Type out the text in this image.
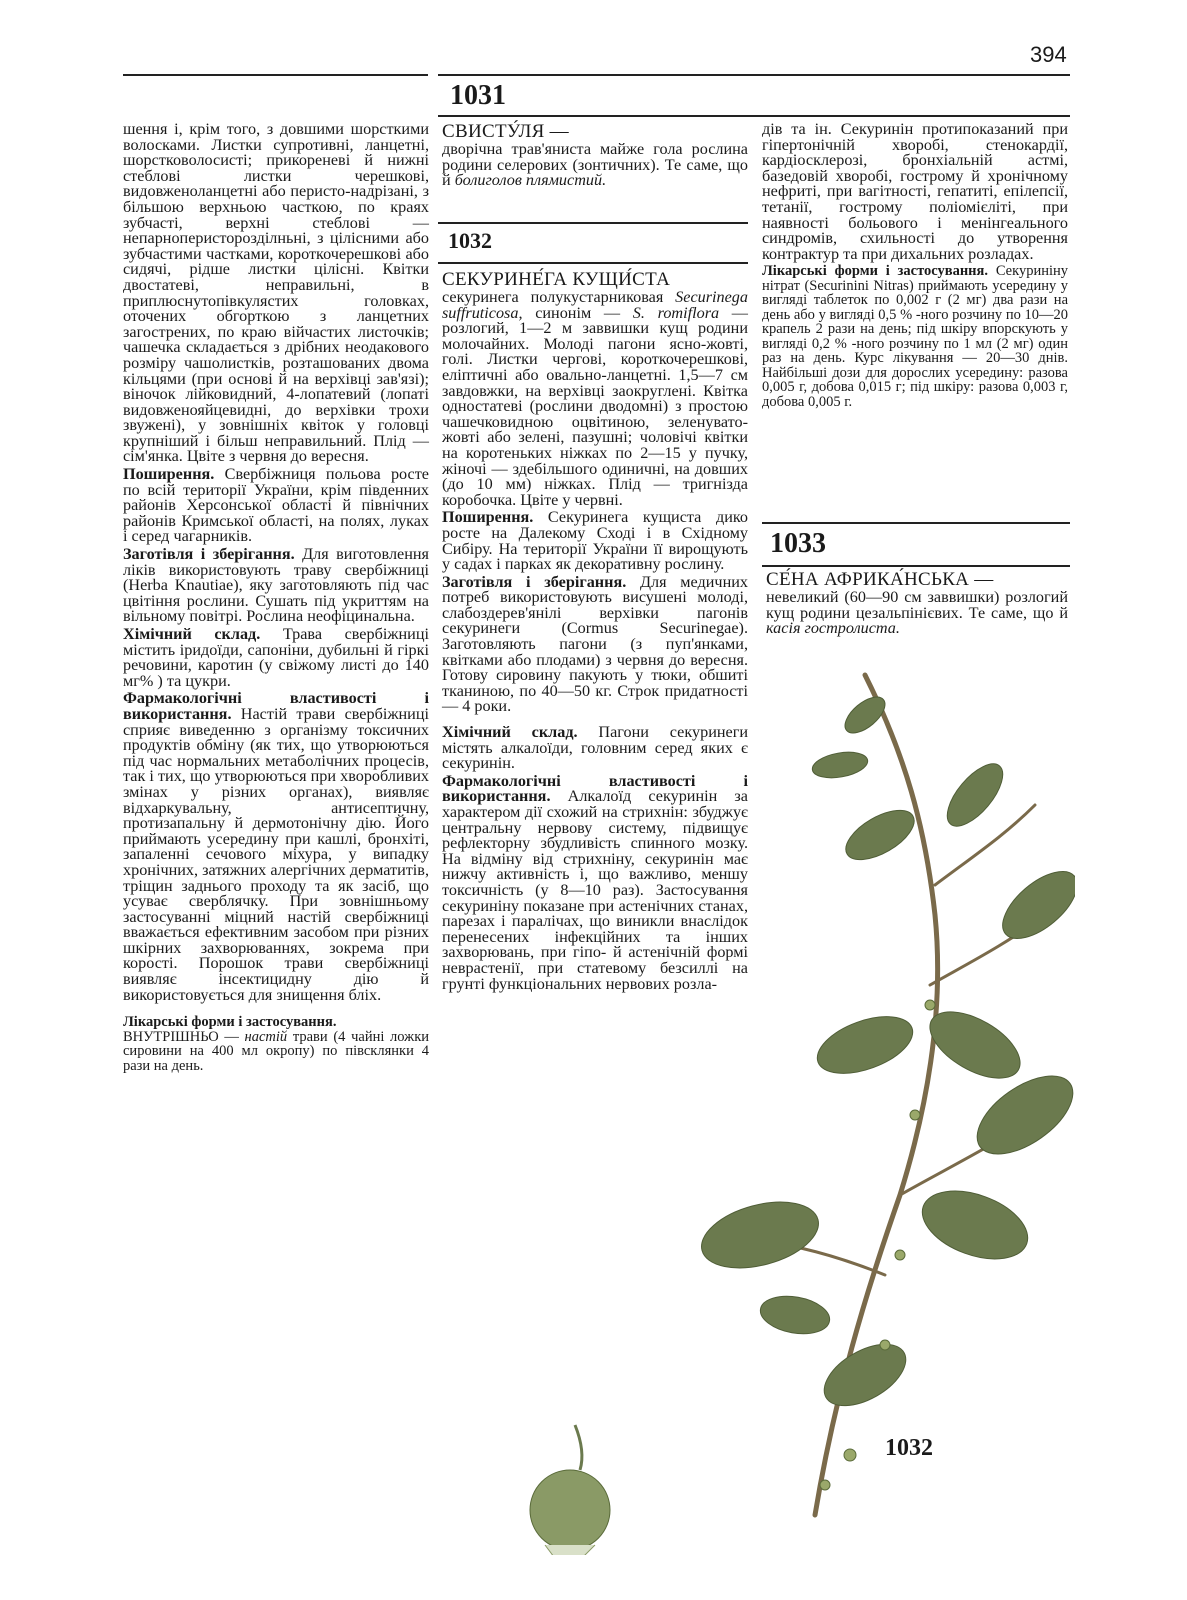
394
1031

шення і, крім того, з довшими шорсткими волосками. Листки супротивні, ланцетні, шорстковолосисті; прикореневі й нижні стеблові листки черешкові, видовженоланцетні або перисто-надрізані, з більшою верхньою часткою, по краях зубчасті, верхні стеблові — непарноперисторозділньні, з цілісними або зубчастими частками, короткочерешкові або сидячі, рідше листки цілісні. Квітки двостатеві, неправильні, в приплюснутопівкулястих головках, оточених обгорткою з ланцетних загострених, по краю війчастих листочків; чашечка складається з дрібних неодакового розміру чашолистків, розташованих двома кільцями (при основі й на верхівці зав'язі); віночок лійковидний, 4-лопатевий (лопаті видовженояйцевидні, до верхівки трохи звужені), у зовнішніх квіток у головці крупніший і більш неправильний. Плід — сім'янка. Цвіте з червня до вересня.

Поширення. Свербіжниця польова росте по всій території України, крім південних районів Херсонської області й північних районів Кримської області, на полях, луках і серед чагарників.

Заготівля і зберігання. Для виготовлення ліків використовують траву свербіжниці (Herba Knautiae), яку заготовляють під час цвітіння рослини. Сушать під укриттям на вільному повітрі. Рослина неофіцинальна.

Хімічний склад. Трава свербіжниці містить іридоїди, сапоніни, дубильні й гіркі речовини, каротин (у свіжому листі до 140 мг% ) та цукри.

Фармакологічні властивості і використання. Настій трави свербіжниці сприяє виведенню з організму токсичних продуктів обміну (як тих, що утворюються під час нормальних метаболічних процесів, так і тих, що утворюються при хворобливих змінах у різних органах), виявляє відхаркувальну, антисептичну, протизапальну й дермотонічну дію. Його приймають усередину при кашлі, бронхіті, запаленні сечового міхура, у випадку хронічних, затяжних алергічних дерматитів, тріщин заднього проходу та як засіб, що усуває сверблячку. При зовнішньому застосуванні міцний настій свербіжниці вважається ефективним засобом при різних шкірних захворюваннях, зокрема при корості. Порошок трави свербіжниці виявляє інсектицидну дію й використовується для знищення бліх.

Лікарські форми і застосування.
ВНУТРІШНЬО — настій трави (4 чайні ложки сировини на 400 мл окропу) по півсклянки 4 рази на день.

СВИСТУ́ЛЯ —

дворічна трав'яниста майже гола рослина родини селерових (зонтичних). Те саме, що й болиголов плямистий.

1032
СЕКУРИНЕ́ГА КУЩИ́СТА

секуринега полукустарниковая Securinega suffruticosa, синонім — S. romiflora — розлогий, 1—2 м заввишки кущ родини молочайних. Молоді пагони ясно-жовті, голі. Листки чергові, короткочерешкові, еліптичні або овально-ланцетні. 1,5—7 см завдовжки, на верхівці заокруглені. Квітка одностатеві (рослини дводомні) з простою чашечковидною оцвітиною, зеленувато-жовті або зелені, пазушні; чоловічі квітки на коротеньких ніжках по 2—15 у пучку, жіночі — здебільшого одиничні, на довших (до 10 мм) ніжках. Плід — тригнізда коробочка. Цвіте у червні.

Поширення. Секуринега кущиста дико росте на Далекому Сході і в Східному Сибіру. На території України її вирощують у садах і парках як декоративну рослину.

Заготівля і зберігання. Для медичних потреб використовують висушені молоді, слабоздерев'янілі верхівки пагонів секуринеги (Cormus Securinegae). Заготовляють пагони (з пуп'янками, квітками або плодами) з червня до вересня. Готову сировину пакують у тюки, обшиті тканиною, по 40—50 кг. Строк придатності — 4 роки.

Хімічний склад. Пагони секуринеги містять алкалоїди, головним серед яких є секуринін.

Фармакологічні властивості і використання. Алкалоїд секуринін за характером дії схожий на стрихнін: збуджує центральну нервову систему, підвищує рефлекторну збудливість спинного мозку. На відміну від стрихніну, секуринін має нижчу активність і, що важливо, меншу токсичність (у 8—10 раз). Застосування секуриніну показане при астенічних станах, парезах і паралічах, що виникли внаслідок перенесених інфекційних та інших захворювань, при гіпо- й астенічній формі неврастенії, при статевому безсиллі на грунті функціональних нервових розла-

дів та ін. Секуринін протипоказаний при гіпертонічній хворобі, стенокардії, кардіосклерозі, бронхіальній астмі, базедовій хворобі, гострому й хронічному нефриті, при вагітності, гепатиті, епілепсії, тетанії, гострому поліомієліті, при наявності больового і менінгеального синдромів, схильності до утворення контрактур та при дихальних розладах.

Лікарські форми і застосування. Секуриніну нітрат (Securinini Nitras) приймають усередину у вигляді таблеток по 0,002 г (2 мг) два рази на день або у вигляді 0,5 % -ного розчину по 10—20 крапель 2 рази на день; під шкіру впорскують у вигляді 0,2 % -ного розчину по 1 мл (2 мг) один раз на день. Курс лікування — 20—30 днів. Найбільші дози для дорослих усередину: разова 0,005 г, добова 0,015 г; під шкіру: разова 0,003 г, добова 0,005 г.

1033
СЕ́НА АФРИКА́НСЬКА —

невеликий (60—90 см заввишки) розлогий кущ родини цезальпінієвих. Те саме, що й касія гостролиста.

1032
